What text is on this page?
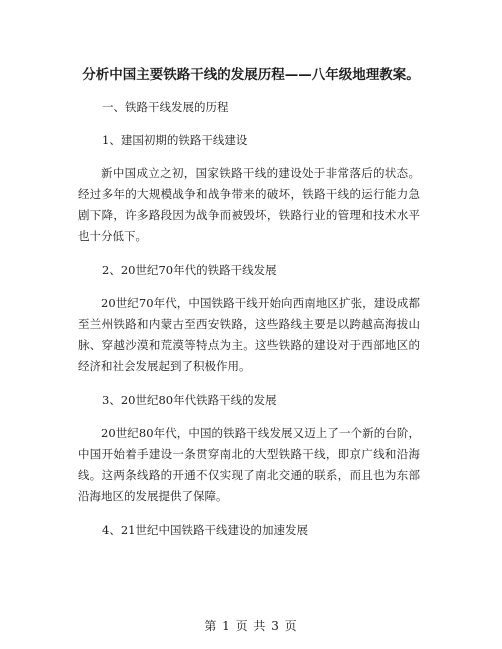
分析中国主要铁路干线的发展历程——八年级地理教案。
一、铁路干线发展的历程
1、建国初期的铁路干线建设
新中国成立之初，国家铁路干线的建设处于非常落后的状态。经过多年的大规模战争和战争带来的破坏，铁路干线的运行能力急剧下降，许多路段因为战争而被毁坏，铁路行业的管理和技术水平也十分低下。
2、20世纪70年代的铁路干线发展
20世纪70年代，中国铁路干线开始向西南地区扩张，建设成都至兰州铁路和内蒙古至西安铁路，这些路线主要是以跨越高海拔山脉、穿越沙漠和荒漠等特点为主。这些铁路的建设对于西部地区的经济和社会发展起到了积极作用。
3、20世纪80年代铁路干线的发展
20世纪80年代，中国的铁路干线发展又迈上了一个新的台阶，中国开始着手建设一条贯穿南北的大型铁路干线，即京广线和沿海线。这两条线路的开通不仅实现了南北交通的联系，而且也为东部沿海地区的发展提供了保障。
4、21世纪中国铁路干线建设的加速发展
第 1 页 共 3 页
